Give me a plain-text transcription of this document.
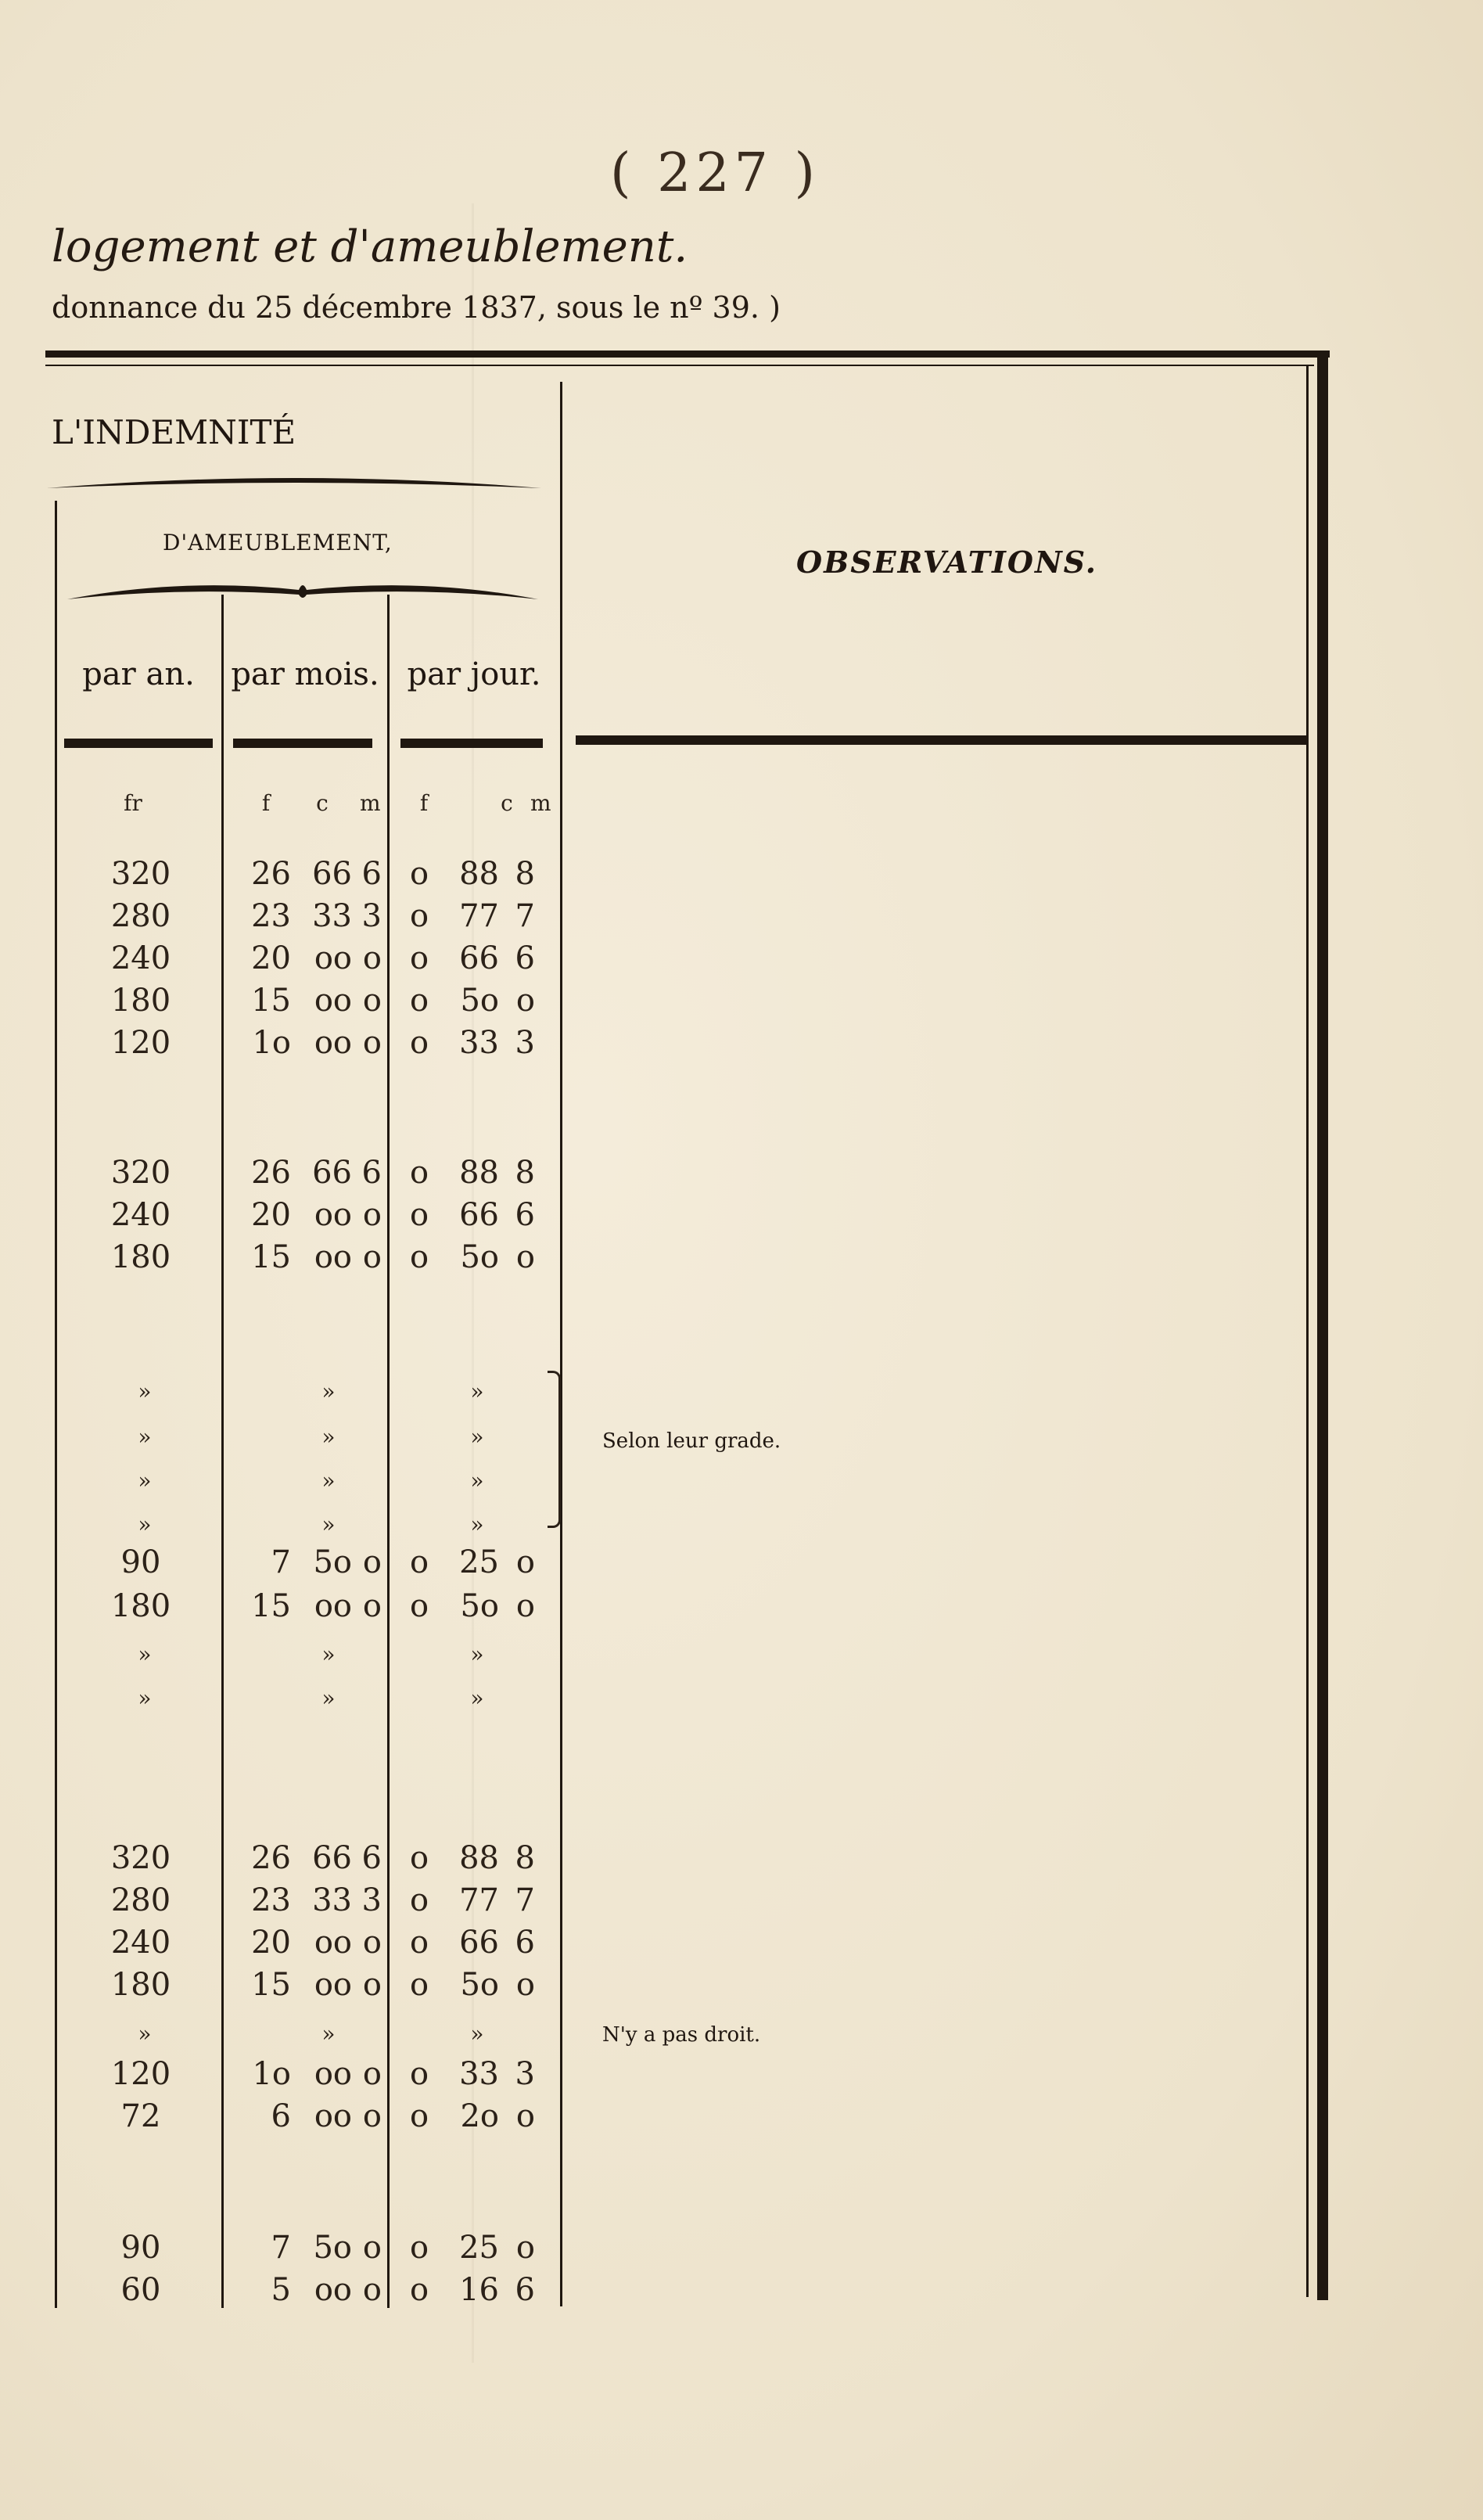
( 227 )
logement et d'ameublement.
donnance du 25 décembre 1837, sous le nº 39. )
L'INDEMNITÉ
D'AMEUBLEMENT,
par an.	par mois. par jour.
OBSERVATIONS.
fr	f c m f	c m
320	26 66 6 o 88 8
280	23 33 3 o 77 7
240	20 oo o o 66 6
180	15 oo o o	5o o
120	1o oo o o 33 3
320	26 66 6 o 88 8
240	20 oo o o 66 6
180	15 oo o o	5o o
»	»	»
»	»	»
»	»	»
»	»	»
90	7 5o o o 25 o
180	15 oo o o	5o o
»	»	»
»	»	»
320	26 66 6 o 88 8
280	23 33 3 o 77 7
240	20 oo o o 66 6
180	15 oo o o	5o o
»	»	»
120	1o oo o o 33 3
72	6 oo o o	2o o
90	7 5o o o 25 o
60	5 oo o o 16 6
Selon leur grade.
N'y a pas droit.
